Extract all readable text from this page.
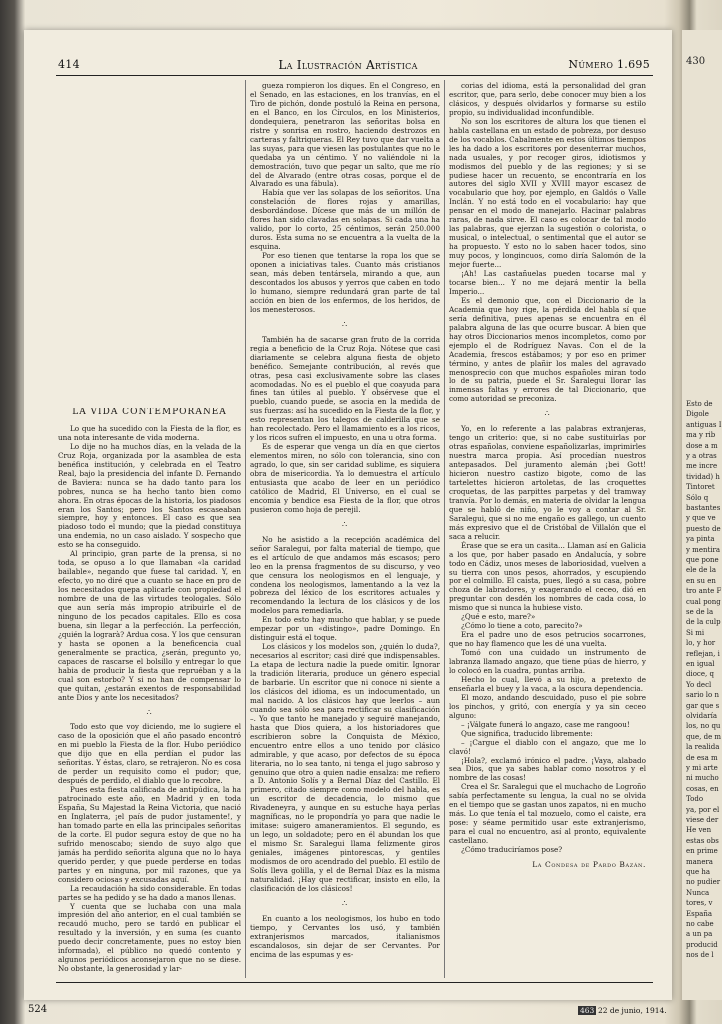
414	La Ilustración Artística	Número 1.695
LA VIDA CONTEMPORÁNEA

Lo que ha sucedido con la Fiesta de la flor, es una nota interesante de vida moderna.

Lo dije no ha muchos días, en la velada de la Cruz Roja, organizada por la asamblea de esta benéfica institución, y celebrada en el Teatro Real, bajo la presidencia del infante D. Fernando de Baviera: nunca se ha dado tanto para los pobres, nunca se ha hecho tanto bien como ahora. En otras épocas de la historia, los piadosos eran los Santos; pero los Santos escaseaban siempre, hoy y entonces. El caso es que sea piadoso todo el mundo; que la piedad constituya una endemia, no un caso aislado. Y sospecho que esto se ha conseguido.

Al principio, gran parte de la prensa, si no toda, se opuso a lo que llamaban «la caridad bailable», negando que fuese tal caridad. Y, en efecto, yo no diré que a cuanto se hace en pro de los necesitados quepa aplicarle con propiedad el nombre de una de las virtudes teologales. Sólo que aun sería más impropio atribuirle el de ninguno de los pecados capitales. Ello es cosa buena, sin llegar a la perfección. La perfección, ¿quién la lograrà? Ardua cosa. Y los que censuran y hasta se oponen a la beneficencia cual generalmente se practica, ¿serán, pregunto yo, capaces de rascarse el bolsillo y entregar lo que habia de producir la fiesta que repruéban y a la cual son estorbo? Y si no han de compensar lo que quitan, ¿estarán exentos de responsabilidad ante Dios y ante los necesitados?

∴

Todo esto que voy diciendo, me lo sugiere el caso de la oposición que el año pasado encontró en mi pueblo la Fiesta de la flor. Hubo periódico que dijo que en ella perdían el pudor las señoritas. Y éstas, claro, se retrajeron. No es cosa de perder un requisito como el pudor; que, después de perdido, el diablo que lo recobre.

Pues esta fiesta calificada de antipúdica, la ha patrocinado este año, en Madrid y en toda España, Su Majestad la Reina Victoria, que nació en Inglaterra, ¡el país de pudor justamente!, y han tomado parte en ella las principales señoritas de la corte. El pudor segura estoy de que no ha sufrido menoscabo; siendo de suyo algo que jamás ha perdido señorita alguna que no lo haya querido perder, y que puede perderse en todas partes y en ninguna, por mil razones, que ya considero ociosas y excusadas aquí.

La recaudación ha sido considerable. En todas partes se ha pedido y se ha dado a manos llenas.

Y cuenta que se luchaba con una mala impresión del año anterior, en el cual también se recaudó mucho, pero se tardó en publicar el resultado y la inversión, y en suma (es cuanto puedo decir concretamente, pues no estoy bien informada), el público no quedó contento y algunos periódicos aconsejaron que no se diese. No obstante, la generosidad y lar-

gueza rompieron los diques. En el Congreso, en el Senado, en las estaciones, en los tranvías, en el Tiro de pichón, donde postuló la Reina en persona, en el Banco, en los Círculos, en los Ministerios, dondequiera, penetraron las señoritas bolsa en ristre y sonrisa en rostro, haciendo destrozos en carteras y faltriqueras. El Rey tuvo que dar vuelta a las suyas, para que viesen las postulantes que no le quedaba ya un céntimo. Y no valiéndole ni la demostración, tuvo que pegar un salto, que me río del de Alvarado (entre otras cosas, porque el de Alvarado es una fábula).

Había que ver las solapas de los señoritos. Una constelación de flores rojas y amarillas, desbordándose. Dícese que más de un millón de flores han sido clavadas en solapas. Si cada una ha valido, por lo corto, 25 céntimos, serán 250.000 duros. Esta suma no se encuentra a la vuelta de la esquina.

Por eso tienen que tentarse la ropa los que se oponen a iniciativas tales. Cuanto más cristianos sean, más deben tentársela, mirando a que, aun descontados los abusos y yerros que caben en todo lo humano, siempre redundará gran parte de tal acción en bien de los enfermos, de los heridos, de los menesterosos.

∴

También ha de sacarse gran fruto de la corrida regia a beneficio de la Cruz Roja. Nótese que casi diariamente se celebra alguna fiesta de objeto benéfico. Semejante contribución, al revés que otras, pesa casi exclusivamente sobre las clases acomodadas. No es el pueblo el que coayuda para fines tan útiles al pueblo. Y obsérvese que el pueblo, cuando puede, se asocia en la medida de sus fuerzas: así ha sucedido en la Fiesta de la flor, y esto representan los talegos de calderilla que se han recolectado. Pero el llamamiento es a los ricos, y los ricos sufren el impuesto, en una u otra forma.

Es de esperar que venga un día en que ciertos elementos miren, no sólo con tolerancia, sino con agrado, lo que, sin ser caridad sublime, es siquiera obra de misericordia. Ya lo demuestra el artículo entusiasta que acabo de leer en un periódico católico de Madrid, El Universo, en el cual se encomia y bendice esa Fiesta de la flor, que otros pusieron como hoja de perejil.

∴

No he asistido a la recepción académica del señor Saralegui, por falta material de tiempo, que es el artículo de que andamos más escasos; pero leo en la prensa fragmentos de su discurso, y veo que censura los neologismos en el lenguaje, y condena los neologismos, lamentando a la vez la pobreza del léxico de los escritores actuales y recomendando la lectura de los clásicos y de los modelos para remediarla.

En todo esto hay mucho que hablar, y se puede empezar por un «distingo», padre Domingo. En distinguir está el toque.

Los clásicos y los modelos son, ¿quién lo duda?, necesarios al escritor; casi diré que indispensables. La etapa de lectura nadie la puede omitir. Ignorar la tradición literaria, produce un género especial de barbarie. Un escritor que ni conoce ni siente a los clásicos del idioma, es un indocumentado, un mal nacido. A los clásicos hay que leerlos – aun cuando sea sólo sea para rectificar su clasificación –. Yo que tanto he manejado y seguiré manejando, hasta que Dios quiera, a los historiadores que escribieron sobre la Conquista de México, encuentro entre ellos a uno tenido por clásico admirable, y que acaso, por defectos de su época literaria, no lo sea tanto, ni tenga el jugo sabroso y genuino que otro a quien nadie ensalza: me refiero a D. Antonio Solís y a Bernal Díaz del Castillo. El primero, citado siempre como modelo del habla, es un escritor de decadencia, lo mismo que Rivadeneyra, y aunque en su estuche haya perlas magníficas, no le propondría yo para que nadie le imitase: suigero amaneramientos. El segundo, es un lego, un soldadote; pero en él abundan los que el mismo Sr. Saralegui llama felizmente giros geniales, imágenes pintorescas, y gentiles modismos de oro acendrado del pueblo. El estilo de Solís lleva golilla, y el de Bernal Díaz es la misma naturalidad. ¡Hay que rectificar, insisto en ello, la clasificación de los clásicos!

∴

En cuanto a los neologismos, los hubo en todo tiempo, y Cervantes los usó, y también extranjerismos marcados, italianismos escandalosos, sin dejar de ser Cervantes. Por encima de las espumas y es-

corias del idioma, está la personalidad del gran escritor, que, para serlo, debe conocer muy bien a los clásicos, y después olvidarlos y formarse su estilo propio, su individualidad inconfundible.

No son los escritores de altura los que tienen el habla castellana en un estado de pobreza, por desuso de los vocablos. Cabalmente en estos últimos tiempos les ha dado a los escritores por desenterrar muchos, nada usuales, y por recoger giros, idiotismos y modismos del pueblo y de las regiones; y si se pudiese hacer un recuento, se encontraría en los autores del siglo XVII y XVIII mayor escasez de vocabulario que hoy, por ejemplo, en Galdós o Valle Inclán. Y no está todo en el vocabulario: hay que pensar en el modo de manejarlo. Hacinar palabras raras, de nada sirve. El caso es colocar de tal modo las palabras, que ejerzan la sugestión o colorista, o musical, o intelectual, o sentimental que el autor se ha propuesto. Y esto no lo saben hacer todos, sino muy pocos, y longincuos, como diría Salomón de la mejor fuerte...

¡Ah! Las castañuelas pueden tocarse mal y tocarse bien... Y no me dejará mentir la bella Imperio...

Es el demonio que, con el Diccionario de la Academia que hoy rige, la pérdida del habla sí que sería definitiva, pues apenas se encuentra en él palabra alguna de las que ocurre buscar. A bien que hay otros Diccionarios menos incompletos, como por ejemplo el de Rodríguez Navas. Con el de la Academia, frescos estábamos; y por eso en primer término, y antes de plañir los males del agravado menosprecio con que muchos españoles miran todo lo de su patria, puede el Sr. Saralegui llorar las inmensas faltas y errores de tal Diccionario, que como autoridad se preconiza.

∴

Yo, en lo referente a las palabras extranjeras, tengo un criterio: que, si no cabe sustituirlas por otras españolas, conviene españolizarlas, imprimirles nuestra marca propia. Así procedían nuestros antepasados. Del juramento alemán ¡bei Gott! hicieron nuestro castizo bigote, como de las tartelettes hicieron artoletas, de las croquettes croquetas, de las parpittes parpetas y del tramway tranvía. Por lo demás, en materia de olvidar la lengua que se habló de niño, yo le voy a contar al Sr. Saralegui, que si no me engaño es gallego, un cuento más expresivo que el de Cristóbal de Villalón que el saca a relucir.

Érase que se era un casita... Llaman así en Galicia a los que, por haber pasado en Andalucía, y sobre todo en Cádiz, unos meses de laboriosidad, vuelven a su tierra con unos pesos, ahorrados, y escupiendo por el colmillo. El caista, pues, llegó a su casa, pobre choza de labradores, y exagerando el ceceo, dió en preguntar con desdén los nombres de cada cosa, lo mismo que si nunca la hubiese visto.

¿Qué e esto, mare?»

¿Cómo lo tiene a coto, parecito?»

Era el padre uno de esos petrucios socarrones, que no hay flamenco que les dé una vuelta.

Tomó con una cuidado un instrumento de labranza llamado angazo, que tiene púas de hierro, y lo colocó en la cuadra, puntas arriba.

Hecho lo cual, llevó a su hijo, a pretexto de enseñarla el buey y la vaca, a la oscura dependencia.

El mozo, andando descuidado, puso el pie sobre los pinchos, y gritó, con energía y ya sin ceceo alguno:

– ¡Válgate funerá lo angazo, case me rangoou!

Que significa, traducido libremente:

– ¡Cargue el diablo con el angazo, que me lo clavó!

¡Hola?, exclamó irónico el padre. ¡Vaya, alabado sea Dios, que ya sabes hablar como nosotros y el nombre de las cosas!

Crea el Sr. Saralegui que el muchacho de Logroño sabía perfectamente su lengua, la cual no se olvida en el tiempo que se gastan unos zapatos, ni en mucho más. Lo que tenía el tal mozuelo, como el caiste, era pose: y séame permitido usar este extranjerismo, para el cual no encuentro, así al pronto, equivalente castellano.

¿Cómo traduciríamos pose?

La Condesa de Pardo Bazán.
524	463 22 de junio, 1914.
430
Esto de
Digole
antiguas I
ma y rib
dose a m
y a otras
me incre
tividad) h
Tintoret
Sólo q
bastantes
y que ve
puesto de
ya pinta
y mentira
que pone
ele de la
en su en
tro ante F
cual pong
se de la
de la culp
Si mi
lo, y hor
reflejan, i
en igual
dioce, q
Yo decl
sario lo n
gar que s
olvidaría
los, no qu
que, de m
la realida
de esa m
y mi arte
ni mucho
cosas, en
Todo
ya, por el
viese der
He ven
estas obs
en prime
manera
que ha
no pudier
Nunca
tores, v
España
no cabe
a un pa
producid
nos de l
